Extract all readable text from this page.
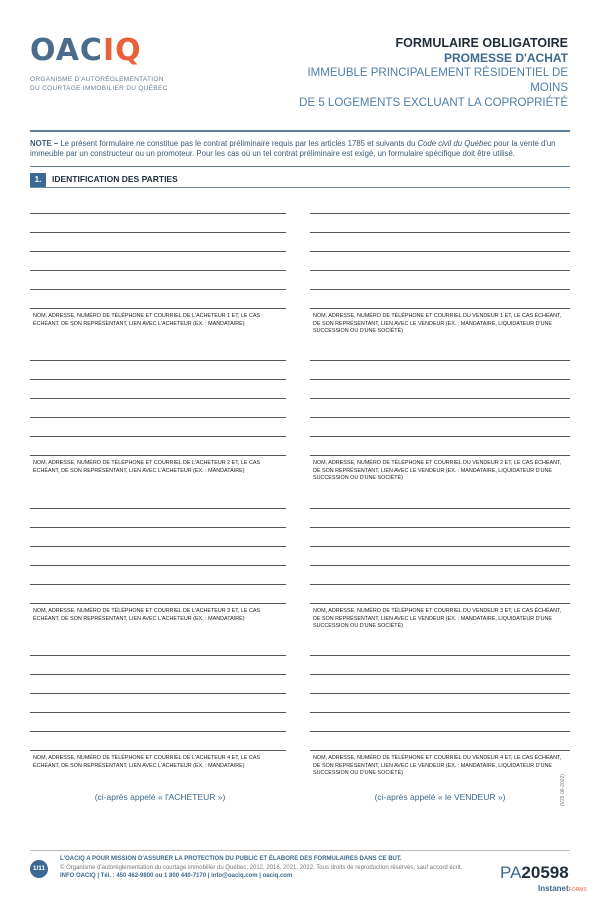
OACIQ
ORGANISME D'AUTORÉGLEMENTATION
DU COURTAGE IMMOBILIER DU QUÉBEC
FORMULAIRE OBLIGATOIRE
PROMESSE D'ACHAT
IMMEUBLE PRINCIPALEMENT RÉSIDENTIEL DE MOINS
DE 5 LOGEMENTS EXCLUANT LA COPROPRIÉTÉ
NOTE – Le présent formulaire ne constitue pas le contrat préliminaire requis par les articles 1785 et suivants du Code civil du Québec pour la vente d'un immeuble par un constructeur ou un promoteur. Pour les cas où un tel contrat préliminaire est exigé, un formulaire spécifique doit être utilisé.
1.	IDENTIFICATION DES PARTIES
NOM, ADRESSE, NUMÉRO DE TÉLÉPHONE ET COURRIEL DE L'ACHETEUR 1 ET, LE CAS ÉCHÉANT, DE SON REPRÉSENTANT, LIEN AVEC L'ACHETEUR (EX. : MANDATAIRE)
NOM, ADRESSE, NUMÉRO DE TÉLÉPHONE ET COURRIEL DU VENDEUR 1 ET, LE CAS ÉCHÉANT, DE SON REPRÉSENTANT, LIEN AVEC LE VENDEUR (EX. : MANDATAIRE, LIQUIDATEUR D'UNE SUCCESSION OU D'UNE SOCIÉTÉ)
NOM, ADRESSE, NUMÉRO DE TÉLÉPHONE ET COURRIEL DE L'ACHETEUR 2 ET, LE CAS ÉCHÉANT, DE SON REPRÉSENTANT, LIEN AVEC L'ACHETEUR (EX. : MANDATAIRE)
NOM, ADRESSE, NUMÉRO DE TÉLÉPHONE ET COURRIEL DU VENDEUR 2 ET, LE CAS ÉCHÉANT, DE SON REPRÉSENTANT, LIEN AVEC LE VENDEUR (EX. : MANDATAIRE, LIQUIDATEUR D'UNE SUCCESSION OU D'UNE SOCIÉTÉ)
NOM, ADRESSE, NUMÉRO DE TÉLÉPHONE ET COURRIEL DE L'ACHETEUR 3 ET, LE CAS ÉCHÉANT, DE SON REPRÉSENTANT, LIEN AVEC L'ACHETEUR (EX. : MANDATAIRE)
NOM, ADRESSE, NUMÉRO DE TÉLÉPHONE ET COURRIEL DU VENDEUR 3 ET, LE CAS ÉCHÉANT, DE SON REPRÉSENTANT, LIEN AVEC LE VENDEUR (EX. : MANDATAIRE, LIQUIDATEUR D'UNE SUCCESSION OU D'UNE SOCIÉTÉ)
NOM, ADRESSE, NUMÉRO DE TÉLÉPHONE ET COURRIEL DE L'ACHETEUR 4 ET, LE CAS ÉCHÉANT, DE SON REPRÉSENTANT, LIEN AVEC L'ACHETEUR (EX. : MANDATAIRE)
NOM, ADRESSE, NUMÉRO DE TÉLÉPHONE ET COURRIEL DU VENDEUR 4 ET, LE CAS ÉCHÉANT, DE SON REPRÉSENTANT, LIEN AVEC LE VENDEUR (EX. : MANDATAIRE, LIQUIDATEUR D'UNE SUCCESSION OU D'UNE SOCIÉTÉ)
(ci-après appelé « l'ACHETEUR »)	(ci-après appelé « le VENDEUR »)	(V29 06-2022)
1/11
L'OACIQ A POUR MISSION D'ASSURER LA PROTECTION DU PUBLIC ET ÉLABORE DES FORMULAIRES DANS CE BUT.
© Organisme d'autoréglementation du courtage immobilier du Québec, 2012, 2016, 2021, 2022. Tous droits de reproduction réservés, sauf accord écrit.
INFO OACIQ | Tél. : 450 462-9800 ou 1 800 440-7170 | info@oaciq.com | oaciq.com	PA20598
InstanetFORMS
